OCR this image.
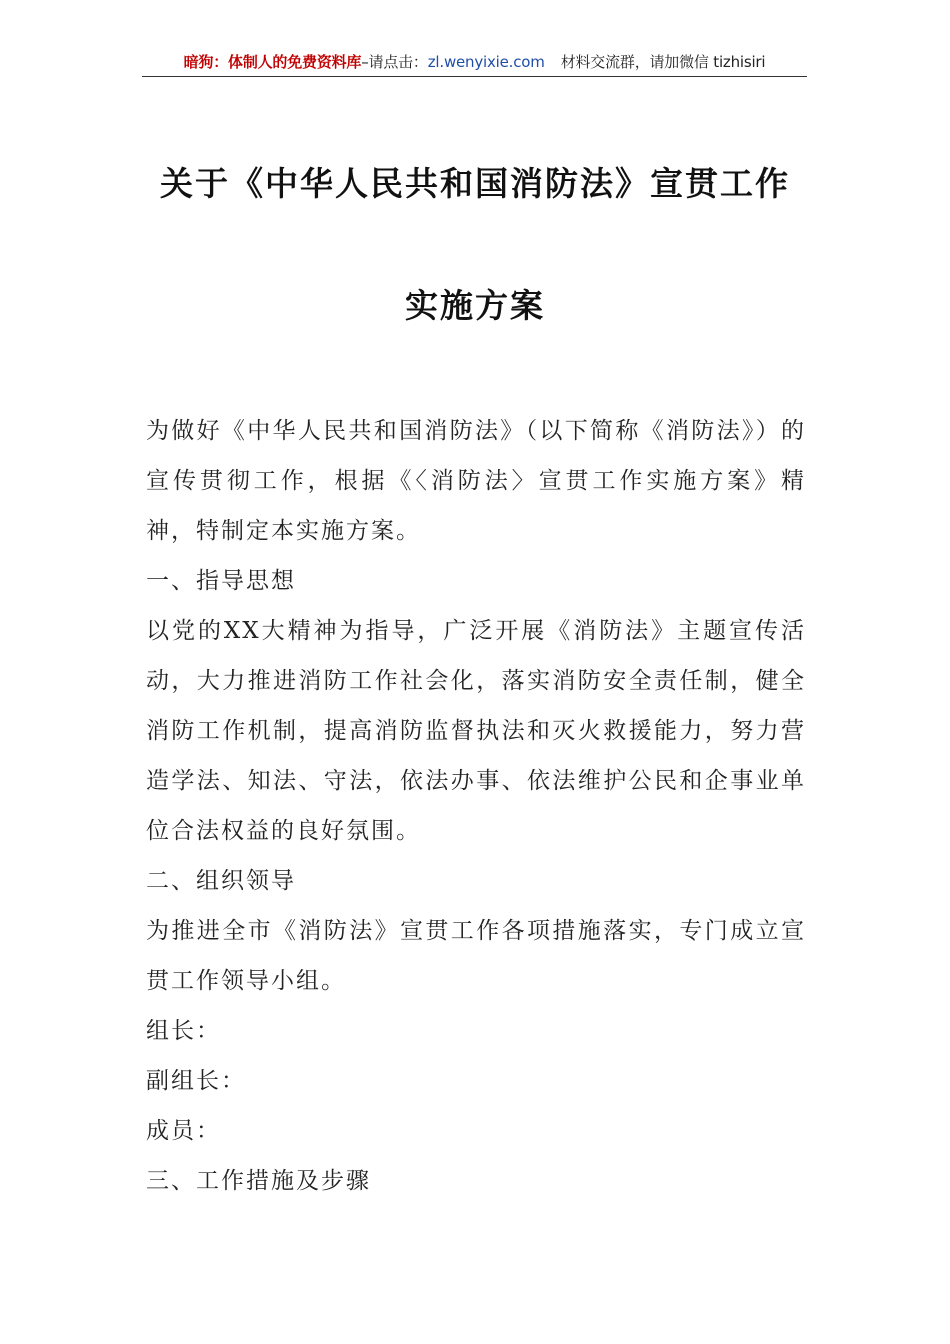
暗狗：体制人的免费资料库–请点击：zl.wenyixie.com 材料交流群，请加微信 tizhisiri
关于《中华人民共和国消防法》宣贯工作
实施方案

为做好《中华人民共和国消防法》（以下简称《消防法》）的宣传贯彻工作，根据《〈消防法〉宣贯工作实施方案》精神，特制定本实施方案。

一、指导思想

以党的XX大精神为指导，广泛开展《消防法》主题宣传活动，大力推进消防工作社会化，落实消防安全责任制，健全消防工作机制，提高消防监督执法和灭火救援能力，努力营造学法、知法、守法，依法办事、依法维护公民和企事业单位合法权益的良好氛围。

二、组织领导

为推进全市《消防法》宣贯工作各项措施落实，专门成立宣贯工作领导小组。

组长：

副组长：

成员：

三、工作措施及步骤
